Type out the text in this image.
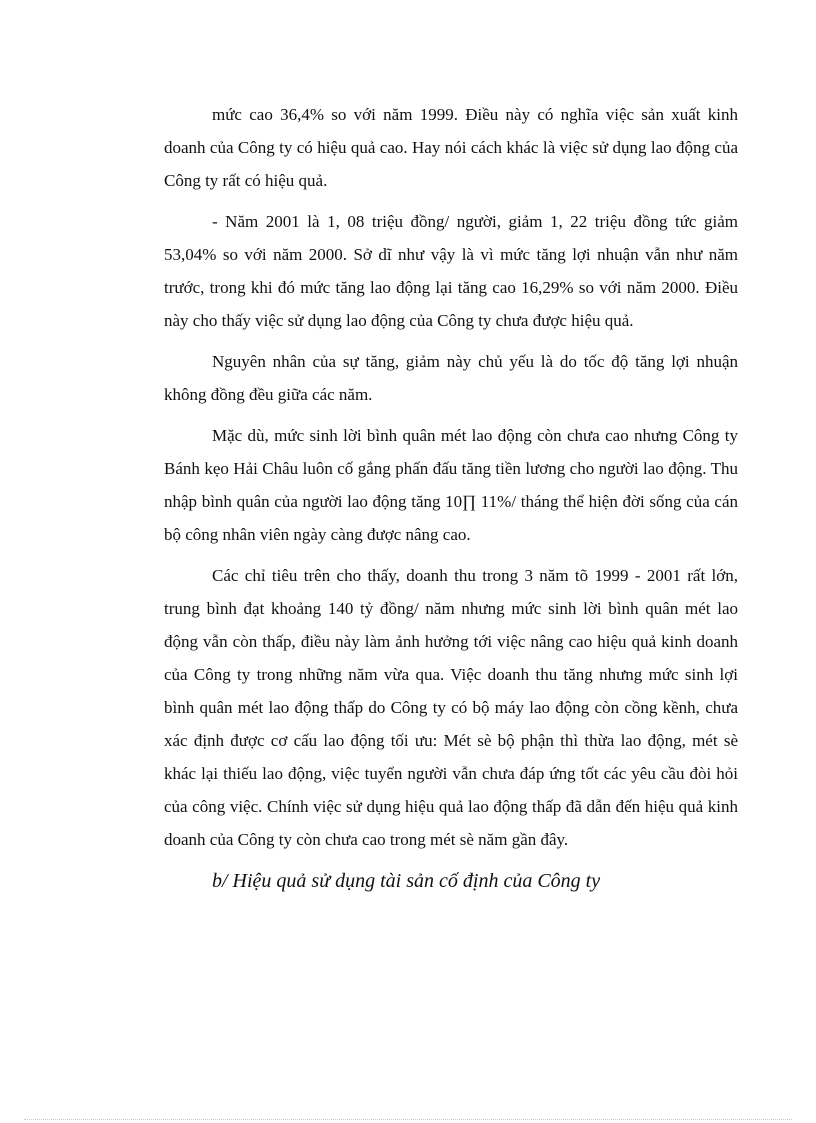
mức cao 36,4% so với năm 1999. Điều này có nghĩa việc sản xuất kinh doanh của Công ty có hiệu quả cao. Hay nói cách khác là việc sử dụng lao động của Công ty rất có hiệu quả.

- Năm 2001 là 1, 08 triệu đồng/ người, giảm 1, 22 triệu đồng tức giảm 53,04% so với năm 2000. Sở dĩ như vậy là vì mức tăng lợi nhuận vẫn như năm trước, trong khi đó mức tăng lao động lại tăng cao 16,29% so với năm 2000. Điều này cho thấy việc sử dụng lao động của Công ty chưa được hiệu quả.

Nguyên nhân của sự tăng, giảm này chủ yếu là do tốc độ tăng lợi nhuận không đồng đều giữa các năm.

Mặc dù, mức sinh lời bình quân mét lao động còn chưa cao nhưng Công ty Bánh kẹo Hải Châu luôn cố gắng phấn đấu tăng tiền lương cho người lao động. Thu nhập bình quân của người lao động tăng 10∏ 11%/ tháng thể hiện đời sống của cán bộ công nhân viên ngày càng được nâng cao.

Các chỉ tiêu trên cho thấy, doanh thu trong 3 năm tõ 1999 - 2001 rất lớn, trung bình đạt khoảng 140 tỷ đồng/ năm nhưng mức sinh lời bình quân mét lao động vẫn còn thấp, điều này làm ảnh hưởng tới việc nâng cao hiệu quả kinh doanh của Công ty trong những năm vừa qua. Việc doanh thu tăng nhưng mức sinh lợi bình quân mét lao động thấp do Công ty có bộ máy lao động còn cồng kềnh, chưa xác định được cơ cấu lao động tối ưu: Mét sè bộ phận thì thừa lao động, mét sè khác lại thiếu lao động, việc tuyển người vẫn chưa đáp ứng tốt các yêu cầu đòi hỏi của công việc. Chính việc sử dụng hiệu quả lao động thấp đã dẫn đến hiệu quả kinh doanh của Công ty còn chưa cao trong mét sè năm gần đây.

b/ Hiệu quả sử dụng tài sản cố định của Công ty
